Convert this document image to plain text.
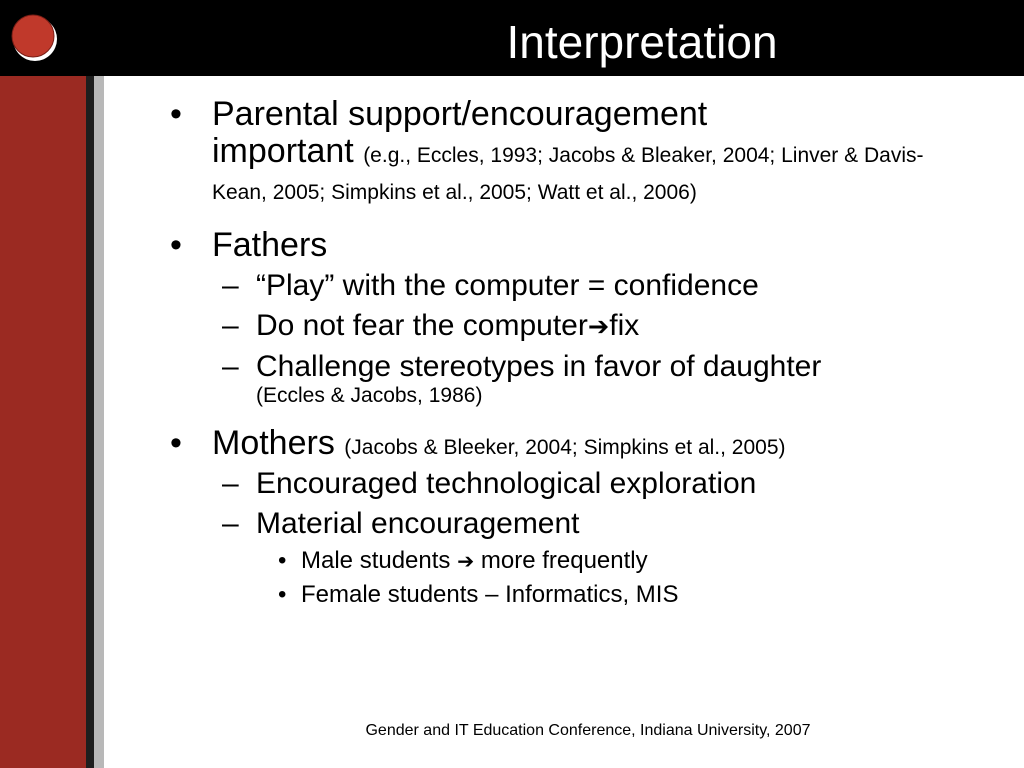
Interpretation
• Parental support/encouragement
important (e.g., Eccles, 1993; Jacobs & Bleaker, 2004; Linver & Davis-Kean, 2005; Simpkins et al., 2005; Watt et al., 2006)
• Fathers
– “Play” with the computer = confidence
– Do not fear the computer➔fix
– Challenge stereotypes in favor of daughter
(Eccles & Jacobs, 1986)
• Mothers (Jacobs & Bleeker, 2004; Simpkins et al., 2005)
– Encouraged technological exploration
– Material encouragement
• Male students ➔ more frequently
• Female students – Informatics, MIS
Gender and IT Education Conference, Indiana University, 2007
